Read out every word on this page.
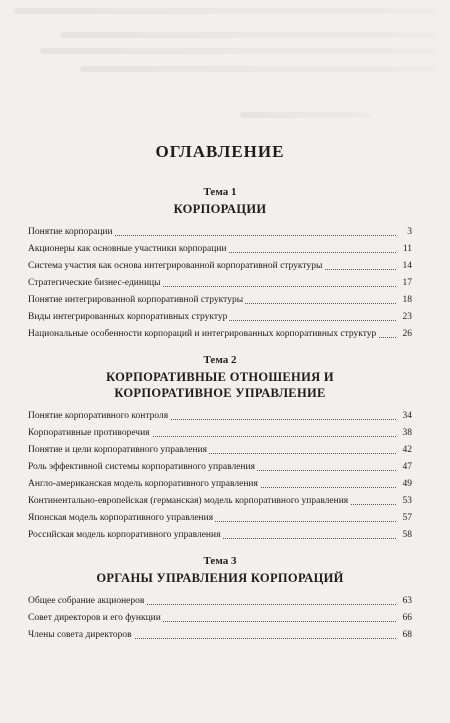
ОГЛАВЛЕНИЕ

Тема 1

КОРПОРАЦИИ

Понятие корпорации	3
Акционеры как основные участники корпорации	11
Система участия как основа интегрированной корпоративной структуры	14
Стратегические бизнес-единицы	17
Понятие интегрированной корпоративной структуры	18
Виды интегрированных корпоративных структур	23
Национальные особенности корпораций и интегрированных корпоративных структур	26

Тема 2

КОРПОРАТИВНЫЕ ОТНОШЕНИЯ И КОРПОРАТИВНОЕ УПРАВЛЕНИЕ

Понятие корпоративного контроля	34
Корпоративные противоречия	38
Понятие и цели корпоративного управления	42
Роль эффективной системы корпоративного управления	47
Англо-американская модель корпоративного управления	49
Континентально-европейская (германская) модель корпоративного управления	53
Японская модель корпоративного управления	57
Российская модель корпоративного управления	58

Тема 3

ОРГАНЫ УПРАВЛЕНИЯ КОРПОРАЦИЙ

Общее собрание акционеров	63
Совет директоров и его функции	66
Члены совета директоров	68
